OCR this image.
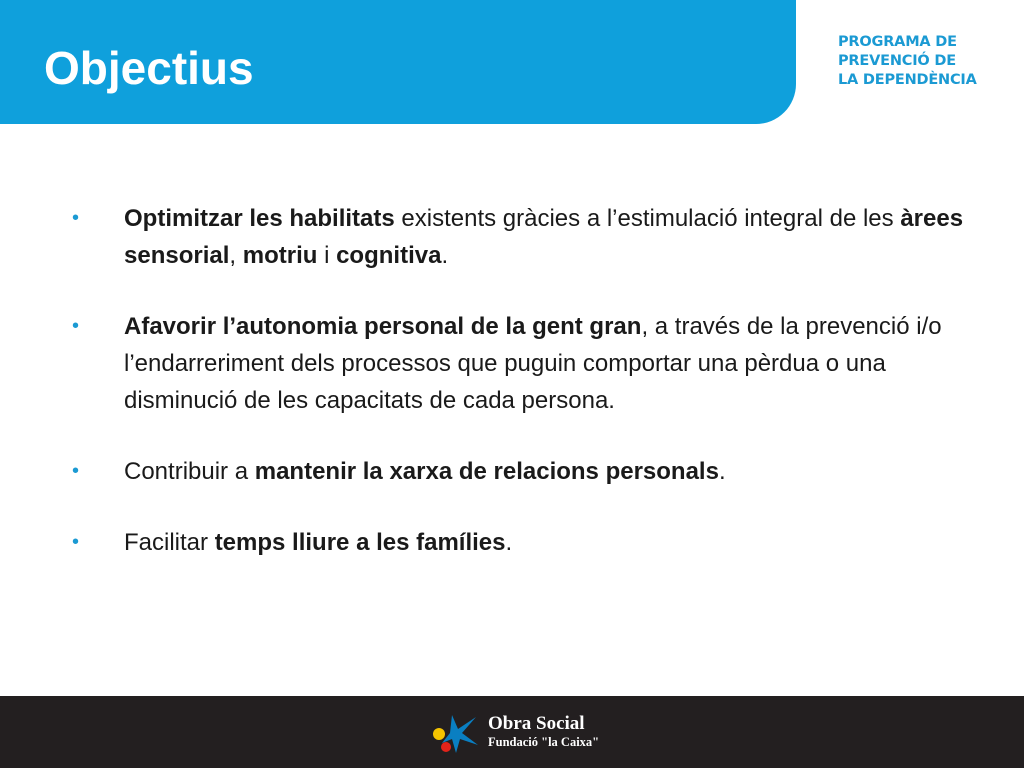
Objectius	PROGRAMA DE
PREVENCIÓ DE
LA DEPENDÈNCIA
• Optimitzar les habilitats existents gràcies a l’estimulació integral de les àrees sensorial, motriu i cognitiva.
• Afavorir l’autonomia personal de la gent gran, a través de la prevenció i/o l’endarreriment dels processos que puguin comportar una pèrdua o una disminució de les capacitats de cada persona.
• Contribuir a mantenir la xarxa de relacions personals.
• Facilitar temps lliure a les famílies.
Obra Social
Fundació "la Caixa"
